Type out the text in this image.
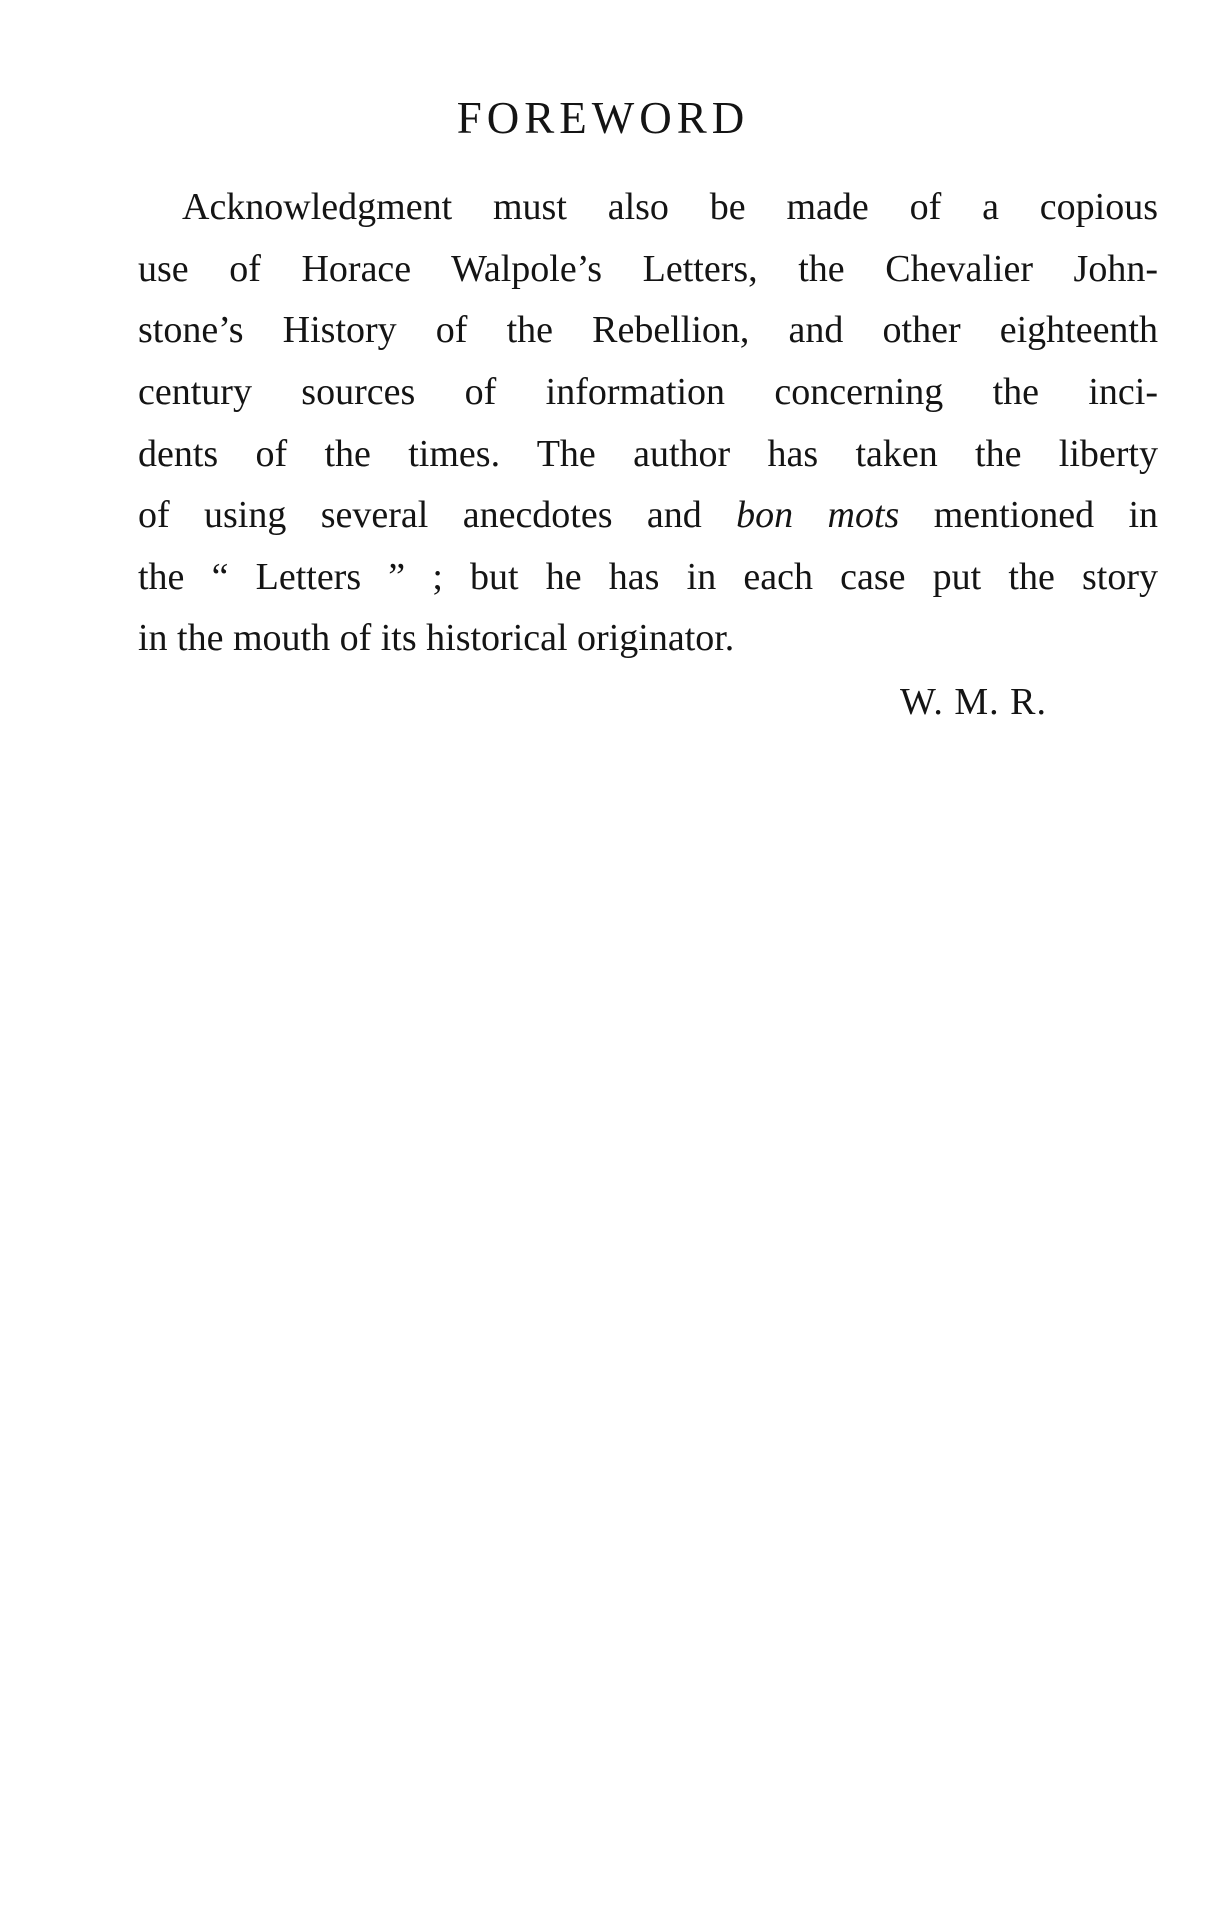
FOREWORD
Acknowledgment must also be made of a copious
use of Horace Walpole’s Letters, the Chevalier John-
stone’s History of the Rebellion, and other eighteenth
century sources of information concerning the inci-
dents of the times. The author has taken the liberty
of using several anecdotes and bon mots mentioned in
the “ Letters ” ; but he has in each case put the story
in the mouth of its historical originator.
W. M. R.
